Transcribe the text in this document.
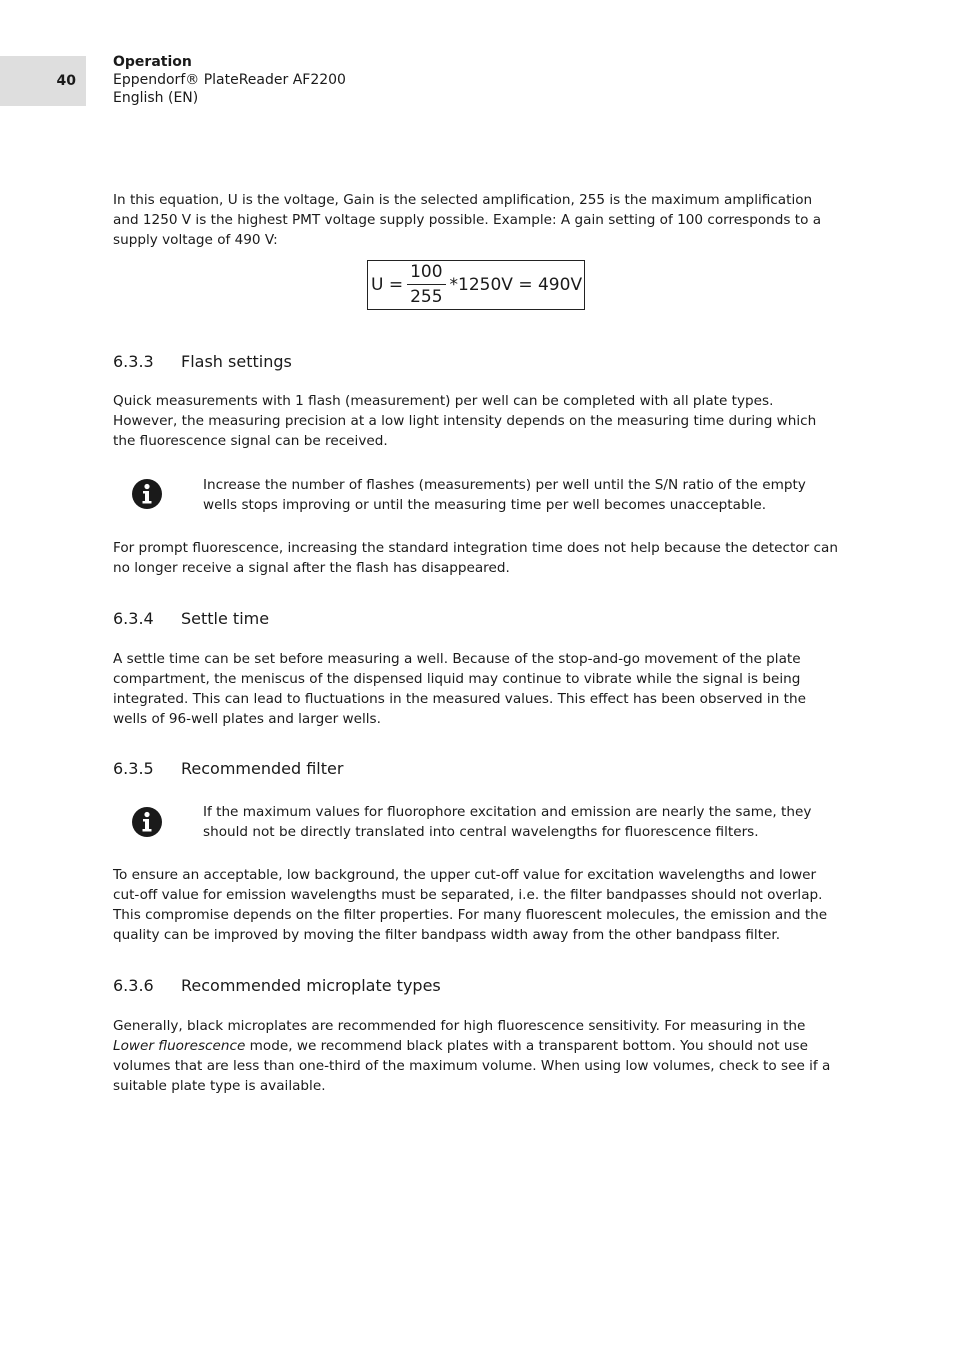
40
Operation
Eppendorf® PlateReader AF2200
English (EN)

In this equation, U is the voltage, Gain is the selected amplification, 255 is the maximum amplification and 1250 V is the highest PMT voltage supply possible. Example: A gain setting of 100 corresponds to a supply voltage of 490 V:

$U = \frac{100}{255} *1250V = 490V$
6.3.3 Flash settings

Quick measurements with 1 flash (measurement) per well can be completed with all plate types. However, the measuring precision at a low light intensity depends on the measuring time during which the fluorescence signal can be received.

Increase the number of flashes (measurements) per well until the S/N ratio of the empty wells stops improving or until the measuring time per well becomes unacceptable.

For prompt fluorescence, increasing the standard integration time does not help because the detector can no longer receive a signal after the flash has disappeared.

6.3.4 Settle time

A settle time can be set before measuring a well. Because of the stop-and-go movement of the plate compartment, the meniscus of the dispensed liquid may continue to vibrate while the signal is being integrated. This can lead to fluctuations in the measured values. This effect has been observed in the wells of 96-well plates and larger wells.

6.3.5 Recommended filter

If the maximum values for fluorophore excitation and emission are nearly the same, they should not be directly translated into central wavelengths for fluorescence filters.

To ensure an acceptable, low background, the upper cut-off value for excitation wavelengths and lower cut-off value for emission wavelengths must be separated, i.e. the filter bandpasses should not overlap. This compromise depends on the filter properties. For many fluorescent molecules, the emission and the quality can be improved by moving the filter bandpass width away from the other bandpass filter.

6.3.6 Recommended microplate types

Generally, black microplates are recommended for high fluorescence sensitivity. For measuring in the Lower fluorescence mode, we recommend black plates with a transparent bottom. You should not use volumes that are less than one-third of the maximum volume. When using low volumes, check to see if a suitable plate type is available.
